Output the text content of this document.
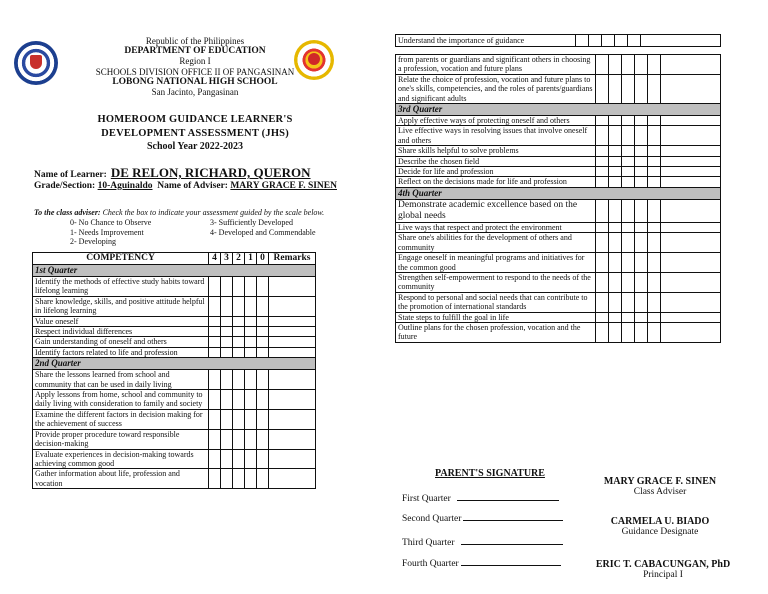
Republic of the Philippines
DEPARTMENT OF EDUCATION
Region I
SCHOOLS DIVISION OFFICE II OF PANGASINAN
LOBONG NATIONAL HIGH SCHOOL
San Jacinto, Pangasinan
HOMEROOM GUIDANCE LEARNER'S
DEVELOPMENT ASSESSMENT (JHS)
School Year 2022-2023
Name of Learner: DE RELON, RICHARD, QUERON
Grade/Section: 10-Aguinaldo Name of Adviser: MARY GRACE F. SINEN
To the class adviser: Check the box to indicate your assessment guided by the scale below.
0- No Chance to Observe
1- Needs Improvement
2- Developing
3- Sufficiently Developed
4- Developed and Commendable
COMPETENCY	4	3	2	1	0	Remarks
1st Quarter						
Identify the methods of effective study habits toward lifelong learning						
Share knowledge, skills, and positive attitude helpful in lifelong learning						
Value oneself						
Respect individual differences						
Gain understanding of oneself and others						
Identify factors related to life and profession						
2nd Quarter						
Share the lessons learned from school and community that can be used in daily living						
Apply lessons from home, school and community to daily living with consideration to family and society						
Examine the different factors in decision making for the achievement of success						
Provide proper procedure toward responsible decision-making						
Evaluate experiences in decision-making towards achieving common good						
Gather information about life, profession and vocation						
Understand the importance of guidance						
from parents or guardians and significant others in choosing a profession, vocation and future plans						
Relate the choice of profession, vocation and future plans to one's skills, competencies, and the roles of parents/guardians and significant adults						
3rd Quarter						
Apply effective ways of protecting oneself and others						
Live effective ways in resolving issues that involve oneself and others						
Share skills helpful to solve problems						
Describe the chosen field						
Decide for life and profession						
Reflect on the decisions made for life and profession						
4th Quarter						
Demonstrate academic excellence based on the global needs						
Live ways that respect and protect the environment						
Share one's abilities for the development of others and community						
Engage oneself in meaningful programs and initiatives for the common good						
Strengthen self-empowerment to respond to the needs of the community						
Respond to personal and social needs that can contribute to the promotion of international standards						
State steps to fulfill the goal in life						
Outline plans for the chosen profession, vocation and the future						
PARENT'S SIGNATURE
First Quarter
Second Quarter
Third Quarter
Fourth Quarter
MARY GRACE F. SINEN
Class Adviser
CARMELA U. BIADO
Guidance Designate
ERIC T. CABACUNGAN, PhD
Principal I
